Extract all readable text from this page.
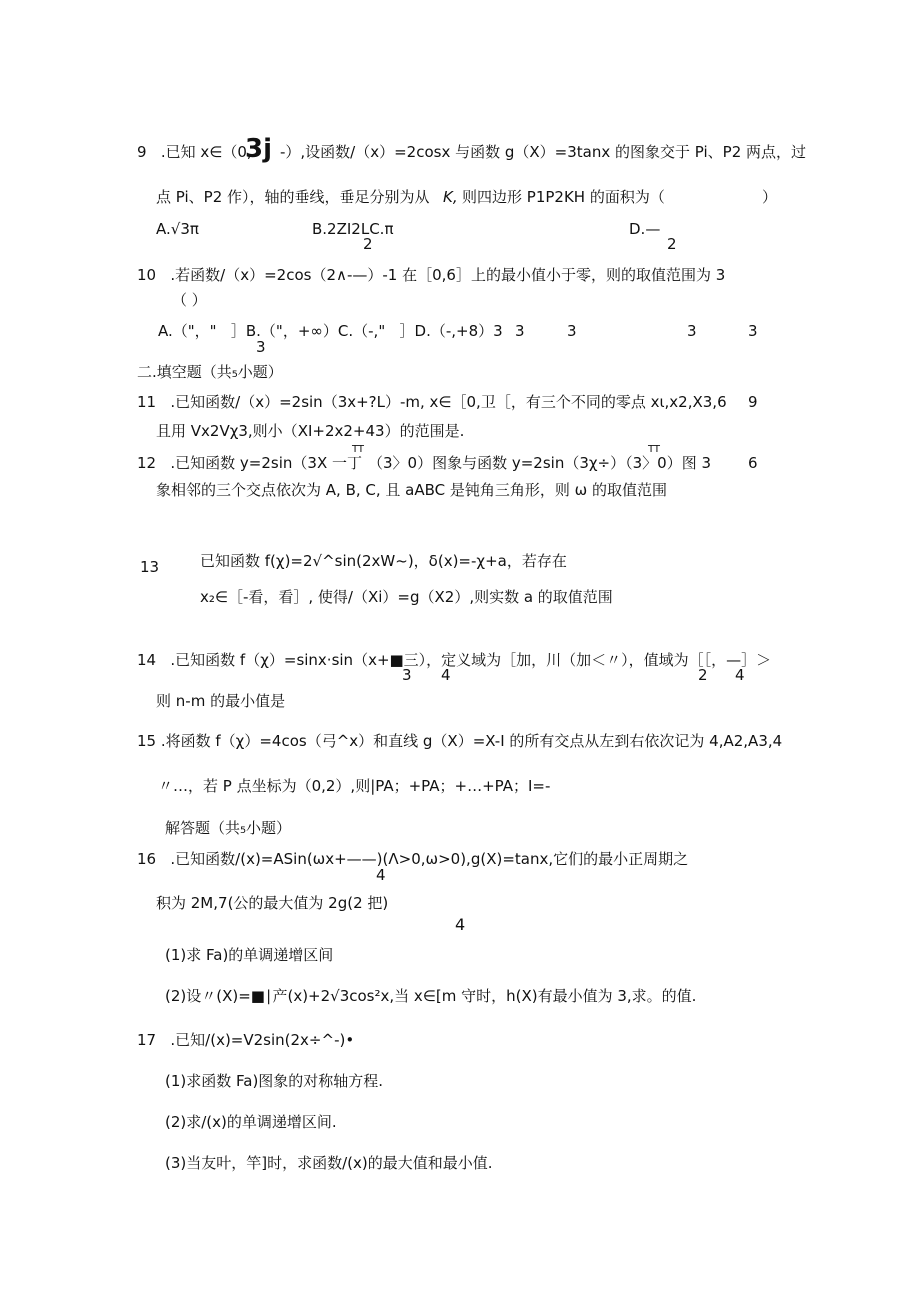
9   .已知 x∈（0,
3j -）,设函数/（x）=2cosx 与函数 g（X）=3tanx 的图象交于 Pi、P2 两点，过
点 Pi、P2 作），轴的垂线，垂足分别为从 K, 则四边形 P1P2KH 的面积为（	）
A.√3π	B.2ZI2LC.π
2
D.—
2
10   .若函数/（x）=2cos（2∧-—）-1 在［0,6］上的最小值小于零，则的取值范围为 3
（ ）
A.（"，"   ］B.（"，+∞）C.（-,"   ］D.（-,+8）3
3
3	3	3	3
二.填空题（共₅小题）
11   .已知函数/（x）=2sin（3x+?L）-m, x∈［0,卫［，有三个不同的零点 xι,x2,X3,6 9
且用 Vx2Vχ3,则小（XI+2x2+43）的范围是.
12   .已知函数 y=2sin（3X 一丁
TT
（3〉0）图象与函数 y=2sin（3χ÷）（3〉0）图 3
TT
6
象相邻的三个交点依次为 A, B, C, 且 aABC 是钝角三角形，则 ω 的取值范围
13	已知函数 f(χ)=2√^sin(2xW~)，δ(x)=-χ+a，若存在
x₂∈［-看，看］, 使得/（Xi）=g（X2）,则实数 a 的取值范围
14   .已知函数 f（χ）=sinx·sin（x+■三），定义域为［加，川（加＜〃），值域为［［，—］＞
3 4	2 4
则 n-m 的最小值是
15 .将函数 f（χ）=4cos（弓^x）和直线 g（X）=X-I 的所有交点从左到右依次记为 4,A2,A3,4
〃…，若 P 点坐标为（0,2）,则|PA；+PA；+…+PA；I=-
解答题（共₅小题）
16   .已知函数/(x)=ASin(ωx+——)(Λ>0,ω>0),g(X)=tanx,它们的最小正周期之
4
积为 2M,7(公的最大值为 2g(2 把)
4
(1)求 Fa)的单调递增区间
(2)设〃(X)=■∣产(x)+2√3cos²x,当 x∈[m 守时，h(X)有最小值为 3,求。的值.
17   .已知/(x)=V2sin(2x÷^-)•
(1)求函数 Fa)图象的对称轴方程.
(2)求/(x)的单调递增区间.
(3)当友叶，竿]时，求函数/(x)的最大值和最小值.
